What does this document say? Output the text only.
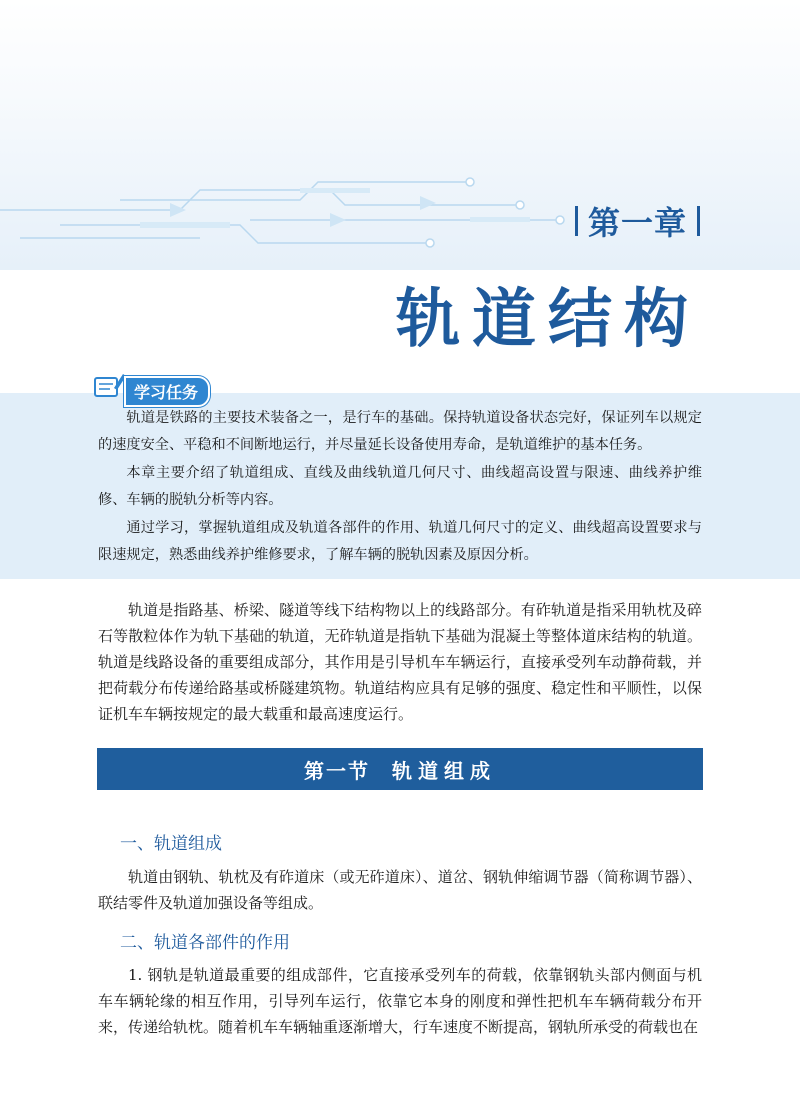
第一章
轨道结构
学习任务

轨道是铁路的主要技术装备之一，是行车的基础。保持轨道设备状态完好，保证列车以规定的速度安全、平稳和不间断地运行，并尽量延长设备使用寿命，是轨道维护的基本任务。

本章主要介绍了轨道组成、直线及曲线轨道几何尺寸、曲线超高设置与限速、曲线养护维修、车辆的脱轨分析等内容。

通过学习，掌握轨道组成及轨道各部件的作用、轨道几何尺寸的定义、曲线超高设置要求与限速规定，熟悉曲线养护维修要求，了解车辆的脱轨因素及原因分析。

轨道是指路基、桥梁、隧道等线下结构物以上的线路部分。有砟轨道是指采用轨枕及碎石等散粒体作为轨下基础的轨道，无砟轨道是指轨下基础为混凝土等整体道床结构的轨道。轨道是线路设备的重要组成部分，其作用是引导机车车辆运行，直接承受列车动静荷载，并把荷载分布传递给路基或桥隧建筑物。轨道结构应具有足够的强度、稳定性和平顺性，以保证机车车辆按规定的最大载重和最高速度运行。

第一节 轨道组成
一、轨道组成

轨道由钢轨、轨枕及有砟道床（或无砟道床）、道岔、钢轨伸缩调节器（简称调节器）、联结零件及轨道加强设备等组成。

二、轨道各部件的作用

1. 钢轨是轨道最重要的组成部件，它直接承受列车的荷载，依靠钢轨头部内侧面与机车车辆轮缘的相互作用，引导列车运行，依靠它本身的刚度和弹性把机车车辆荷载分布开来，传递给轨枕。随着机车车辆轴重逐渐增大，行车速度不断提高，钢轨所承受的荷载也在
